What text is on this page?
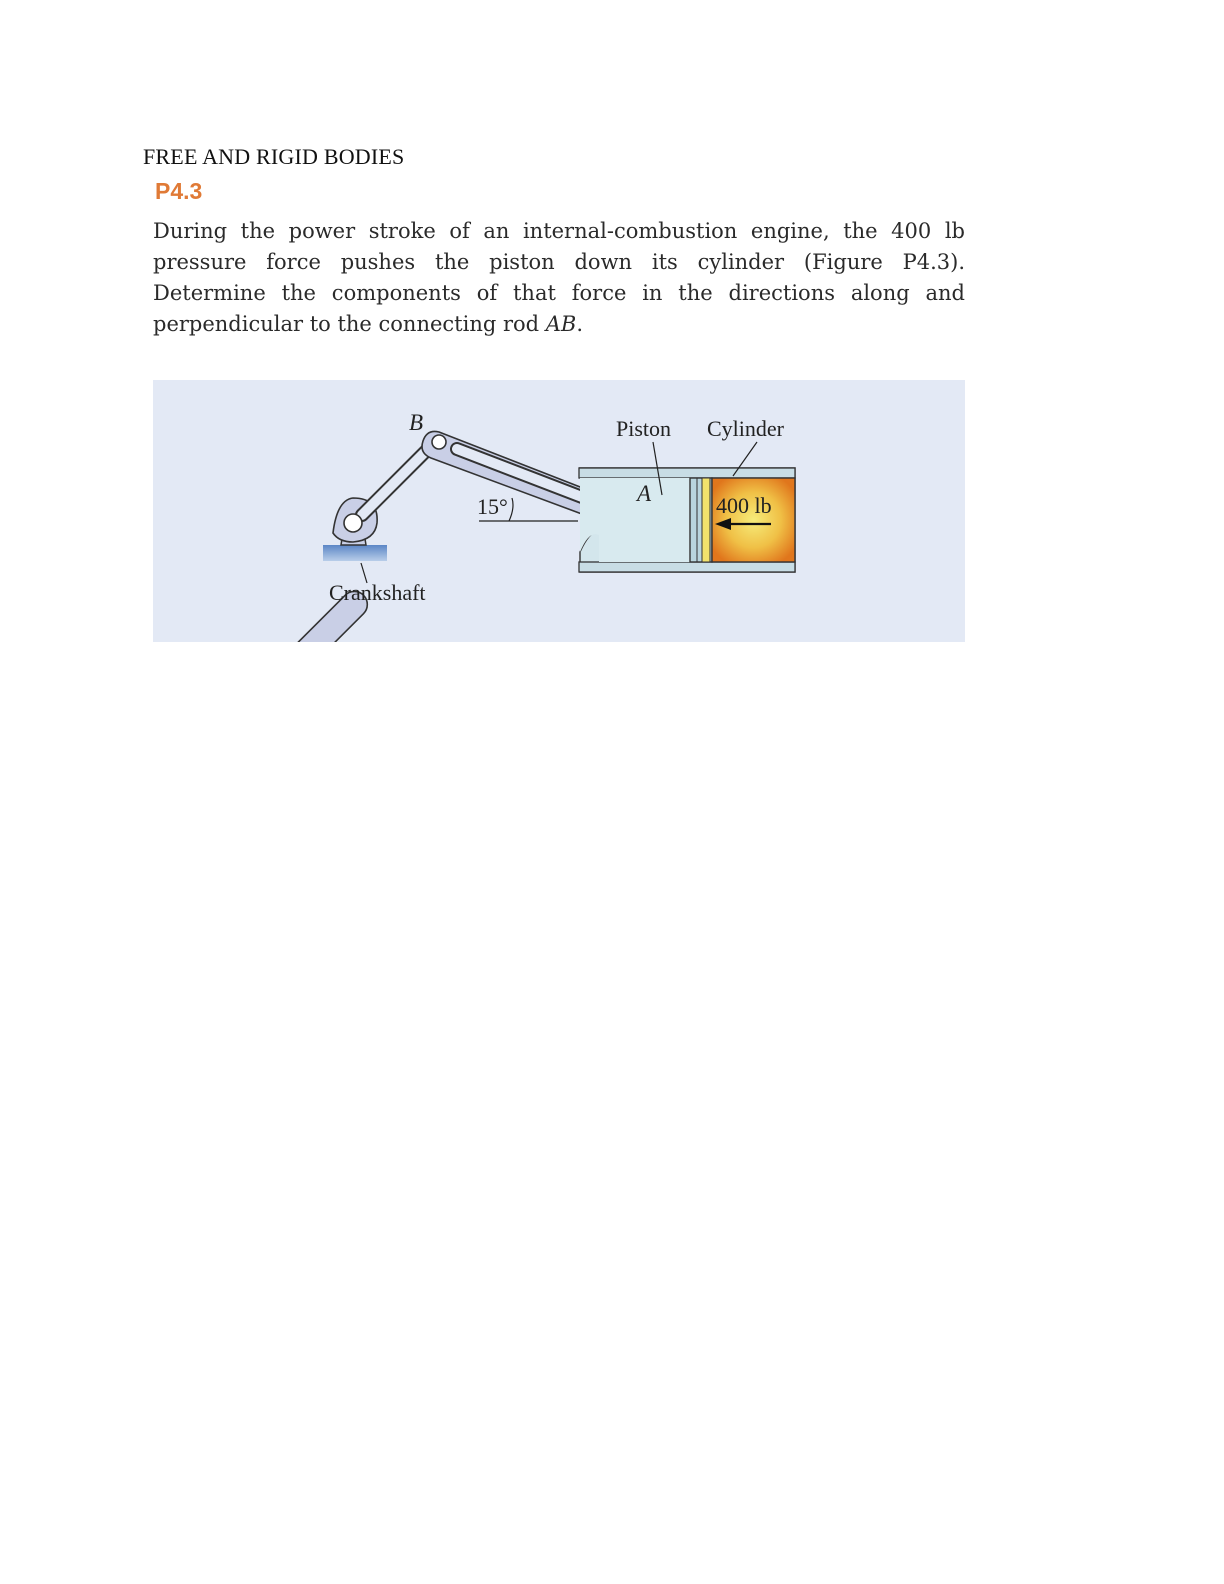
FREE AND RIGID BODIES
P4.3
During the power stroke of an internal-combustion engine, the 400 lb pressure force pushes the piston down its cylinder (Figure P4.3). Determine the components of that force in the directions along and perpendicular to the connecting rod AB.
B
A
Piston Cylinder
15°	400 lb
Crankshaft
